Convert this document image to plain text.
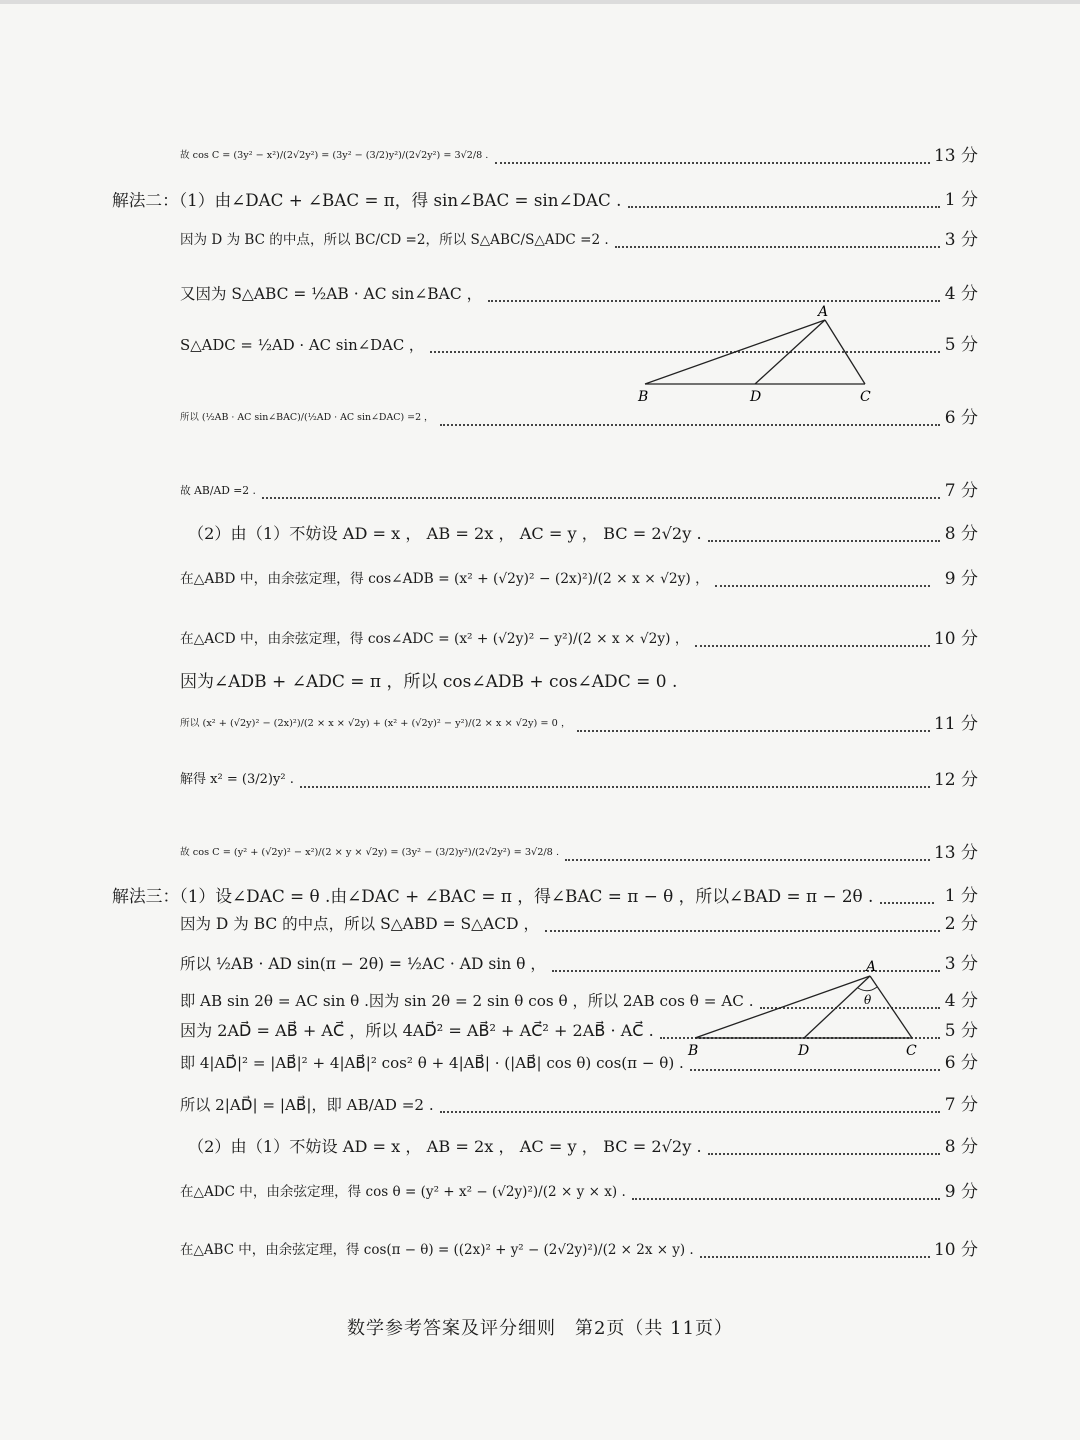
故 cos C = (3y² − x²)/(2√2y²) = (3y² − (3/2)y²)/(2√2y²) = 3√2/8 .	13 分
解法二：（1）由∠DAC + ∠BAC = π，得 sin∠BAC = sin∠DAC .	1 分
因为 D 为 BC 的中点，所以 BC/CD =2，所以 S△ABC/S△ADC =2 .	3 分
又因为 S△ABC = ½AB · AC sin∠BAC ，	4 分
S△ADC = ½AD · AC sin∠DAC ，	5 分
所以 (½AB · AC sin∠BAC)/(½AD · AC sin∠DAC) =2 ，	6 分
故 AB/AD =2 .	7 分
（2）由（1）不妨设 AD = x ， AB = 2x ， AC = y ， BC = 2√2y .	8 分
在△ABD 中，由余弦定理，得 cos∠ADB = (x² + (√2y)² − (2x)²)/(2 × x × √2y) ，	9 分
在△ACD 中，由余弦定理，得 cos∠ADC = (x² + (√2y)² − y²)/(2 × x × √2y) ，	10 分
因为∠ADB + ∠ADC = π ，所以 cos∠ADB + cos∠ADC = 0 .
所以 (x² + (√2y)² − (2x)²)/(2 × x × √2y) + (x² + (√2y)² − y²)/(2 × x × √2y) = 0 ，	11 分
解得 x² = (3/2)y² .	12 分
故 cos C = (y² + (√2y)² − x²)/(2 × y × √2y) = (3y² − (3/2)y²)/(2√2y²) = 3√2/8 .	13 分
解法三：（1）设∠DAC = θ .由∠DAC + ∠BAC = π ，得∠BAC = π − θ ，所以∠BAD = π − 2θ .	1 分
因为 D 为 BC 的中点，所以 S△ABD = S△ACD ，	2 分
所以 ½AB · AD sin(π − 2θ) = ½AC · AD sin θ ，	3 分
即 AB sin 2θ = AC sin θ .因为 sin 2θ = 2 sin θ cos θ ，所以 2AB cos θ = AC .	4 分
因为 2AD⃗ = AB⃗ + AC⃗ ，所以 4AD⃗² = AB⃗² + AC⃗² + 2AB⃗ · AC⃗ .	5 分
即 4|AD⃗|² = |AB⃗|² + 4|AB⃗|² cos² θ + 4|AB⃗| · (|AB⃗| cos θ) cos(π − θ) .	6 分
所以 2|AD⃗| = |AB⃗|，即 AB/AD =2 .	7 分
（2）由（1）不妨设 AD = x ， AB = 2x ， AC = y ， BC = 2√2y .	8 分
在△ADC 中，由余弦定理，得 cos θ = (y² + x² − (√2y)²)/(2 × y × x) .	9 分
在△ABC 中，由余弦定理，得 cos(π − θ) = ((2x)² + y² − (2√2y)²)/(2 × 2x × y) .	10 分
A
B	D	C
A
θ
B	D	C
数学参考答案及评分细则　第2页（共 11页）
